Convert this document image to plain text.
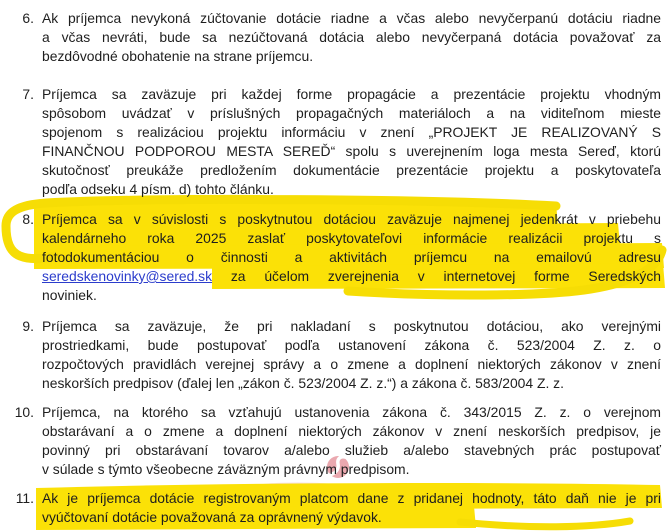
6. Ak príjemca nevykoná zúčtovanie dotácie riadne a včas alebo nevyčerpanú dotáciu riadne
a včas nevráti, bude sa nezúčtovaná dotácia alebo nevyčerpaná dotácia považovať za
bezdôvodné obohatenie na strane príjemcu.
7. Príjemca sa zaväzuje pri každej forme propagácie a prezentácie projektu vhodným
spôsobom uvádzať v príslušných propagačných materiáloch a na viditeľnom mieste
spojenom s realizáciou projektu informáciu v znení „PROJEKT JE REALIZOVANÝ S
FINANČNOU PODPOROU MESTA SEREĎ“ spolu s uverejnením loga mesta Sereď, ktorú
skutočnosť preukáže predložením dokumentácie prezentácie projektu a poskytovateľa
podľa odseku 4 písm. d) tohto článku.
8. Príjemca sa v súvislosti s poskytnutou dotáciou zaväzuje najmenej jedenkrát v priebehu
kalendárneho roka 2025 zaslať poskytovateľovi informácie realizácii projektu s
fotodokumentáciou o činnosti a aktivitách príjemcu na emailovú adresu
seredskenovinky@sered.sk za účelom zverejnenia v internetovej forme Seredských
noviniek.
9. Príjemca sa zaväzuje, že pri nakladaní s poskytnutou dotáciou, ako verejnými
prostriedkami, bude postupovať podľa ustanovení zákona č. 523/2004 Z. z. o
rozpočtových pravidlách verejnej správy a o zmene a doplnení niektorých zákonov v znení
neskorších predpisov (ďalej len „zákon č. 523/2004 Z. z.“) a zákona č. 583/2004 Z. z.
10. Príjemca, na ktorého sa vzťahujú ustanovenia zákona č. 343/2015 Z. z. o verejnom
obstarávaní a o zmene a doplnení niektorých zákonov v znení neskorších predpisov, je
povinný pri obstarávaní tovarov a/alebo služieb a/alebo stavebných prác postupovať
v súlade s týmto všeobecne záväzným právnym predpisom.
11. Ak je príjemca dotácie registrovaným platcom dane z pridanej hodnoty, táto daň nie je pri
vyúčtovaní dotácie považovaná za oprávnený výdavok.
